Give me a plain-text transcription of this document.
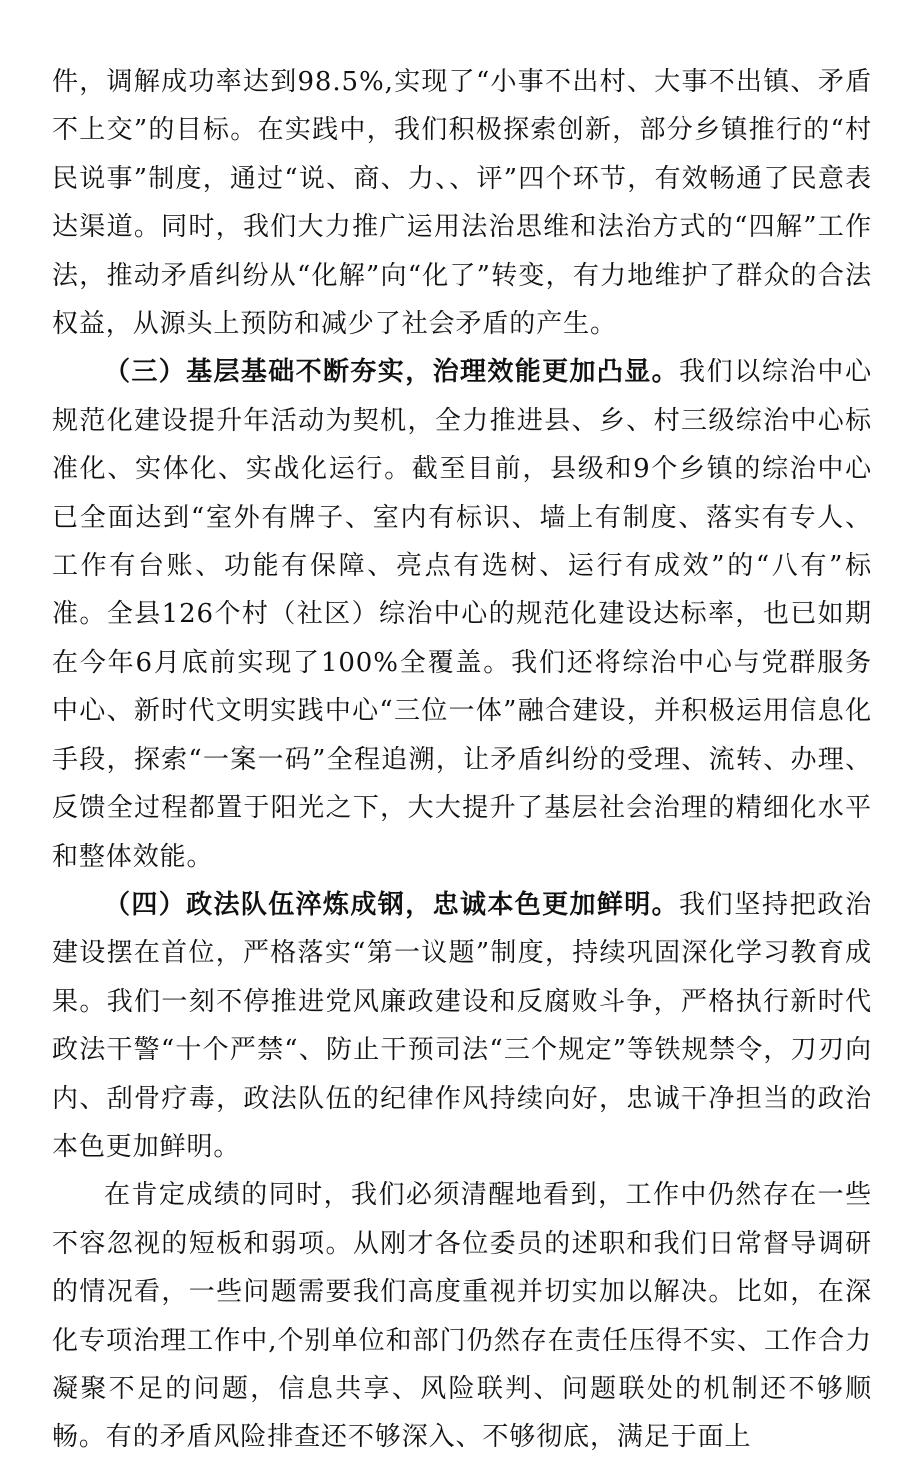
件，调解成功率达到98.5%,实现了“小事不出村、大事不出镇、矛盾不上交”的目标。在实践中，我们积极探索创新，部分乡镇推行的“村民说事”制度，通过“说、商、力、、评”四个环节，有效畅通了民意表达渠道。同时，我们大力推广运用法治思维和法治方式的“四解”工作法，推动矛盾纠纷从“化解”向“化了”转变，有力地维护了群众的合法权益，从源头上预防和减少了社会矛盾的产生。

（三）基层基础不断夯实，治理效能更加凸显。我们以综治中心规范化建设提升年活动为契机，全力推进县、乡、村三级综治中心标准化、实体化、实战化运行。截至目前，县级和9个乡镇的综治中心已全面达到“室外有牌子、室内有标识、墙上有制度、落实有专人、工作有台账、功能有保障、亮点有选树、运行有成效”的“八有”标准。全县126个村（社区）综治中心的规范化建设达标率，也已如期在今年6月底前实现了100%全覆盖。我们还将综治中心与党群服务中心、新时代文明实践中心“三位一体”融合建设，并积极运用信息化手段，探索“一案一码”全程追溯，让矛盾纠纷的受理、流转、办理、反馈全过程都置于阳光之下，大大提升了基层社会治理的精细化水平和整体效能。

（四）政法队伍淬炼成钢，忠诚本色更加鲜明。我们坚持把政治建设摆在首位，严格落实“第一议题”制度，持续巩固深化学习教育成果。我们一刻不停推进党风廉政建设和反腐败斗争，严格执行新时代政法干警“十个严禁“、防止干预司法“三个规定”等铁规禁令，刀刃向内、刮骨疗毒，政法队伍的纪律作风持续向好，忠诚干净担当的政治本色更加鲜明。

在肯定成绩的同时，我们必须清醒地看到，工作中仍然存在一些不容忽视的短板和弱项。从刚才各位委员的述职和我们日常督导调研的情况看，一些问题需要我们高度重视并切实加以解决。比如，在深化专项治理工作中,个别单位和部门仍然存在责任压得不实、工作合力凝聚不足的问题，信息共享、风险联判、问题联处的机制还不够顺畅。有的矛盾风险排查还不够深入、不够彻底，满足于面上
